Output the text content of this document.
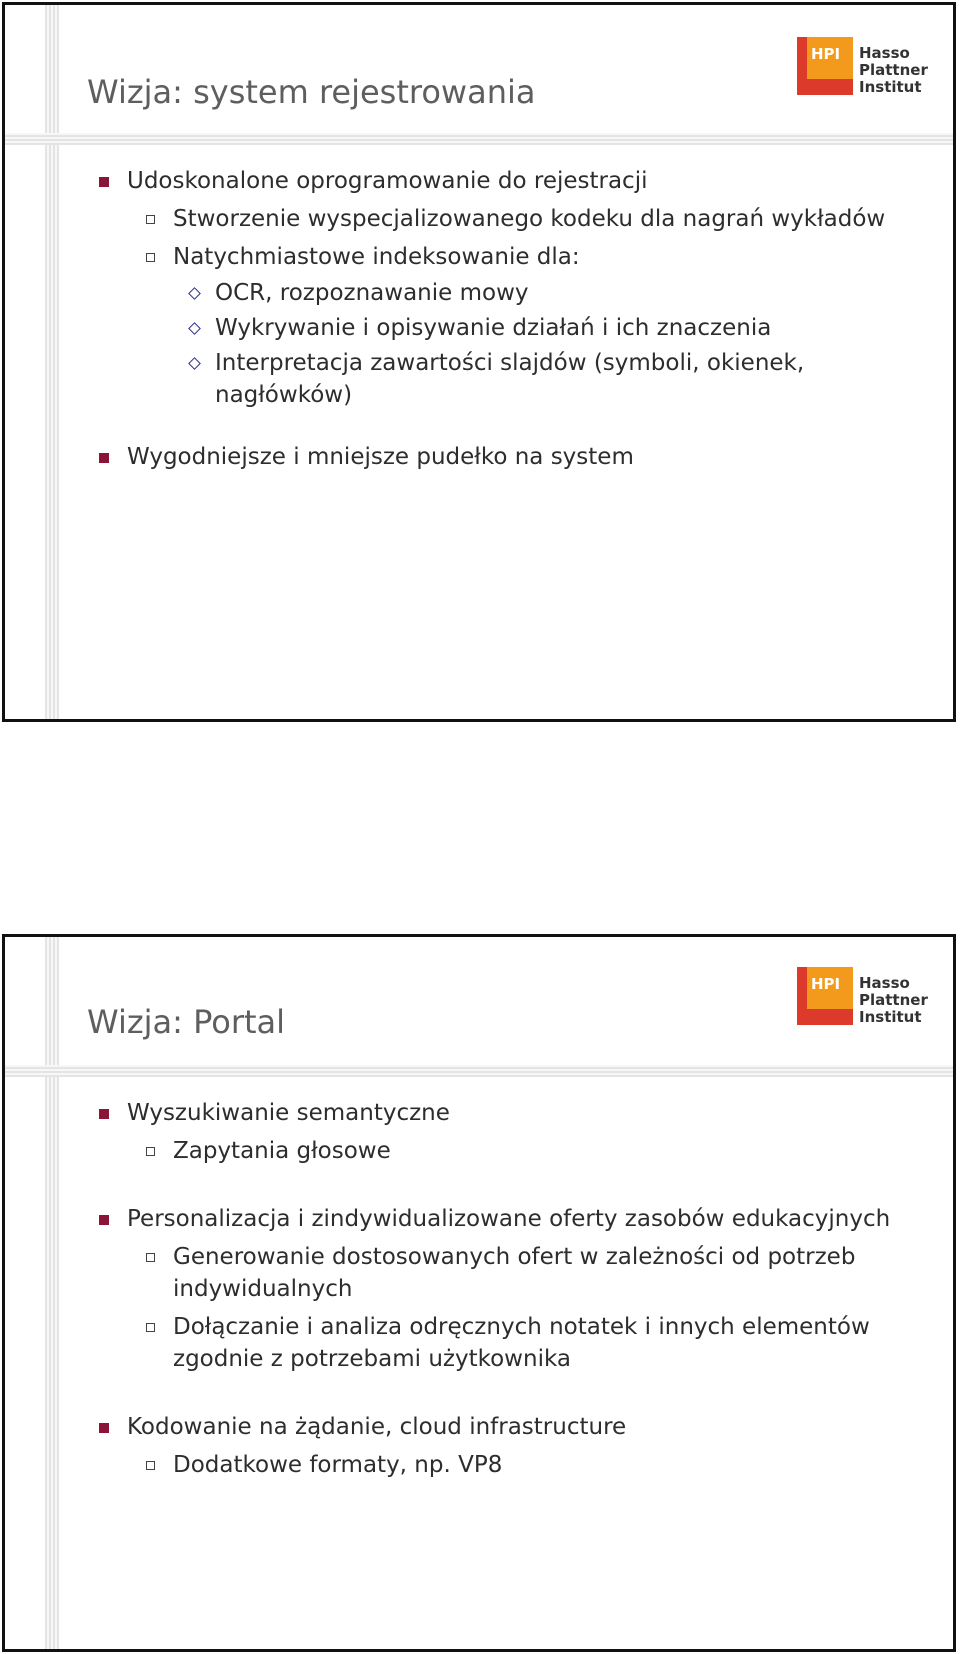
Wizja: system rejestrowania
HPI Hasso
Plattner
Institut
Udoskonalone oprogramowanie do rejestracji
Stworzenie wyspecjalizowanego kodeku dla nagrań wykładów
Natychmiastowe indeksowanie dla:
OCR, rozpoznawanie mowy
Wykrywanie i opisywanie działań i ich znaczenia
Interpretacja zawartości slajdów (symboli, okienek, nagłówków)
Wygodniejsze i mniejsze pudełko na system
Wizja: Portal
HPI Hasso
Plattner
Institut
Wyszukiwanie semantyczne
Zapytania głosowe
Personalizacja i zindywidualizowane oferty zasobów edukacyjnych
Generowanie dostosowanych ofert w zależności od potrzeb indywidualnych
Dołączanie i analiza odręcznych notatek i innych elementów zgodnie z potrzebami użytkownika
Kodowanie na żądanie, cloud infrastructure
Dodatkowe formaty, np. VP8
